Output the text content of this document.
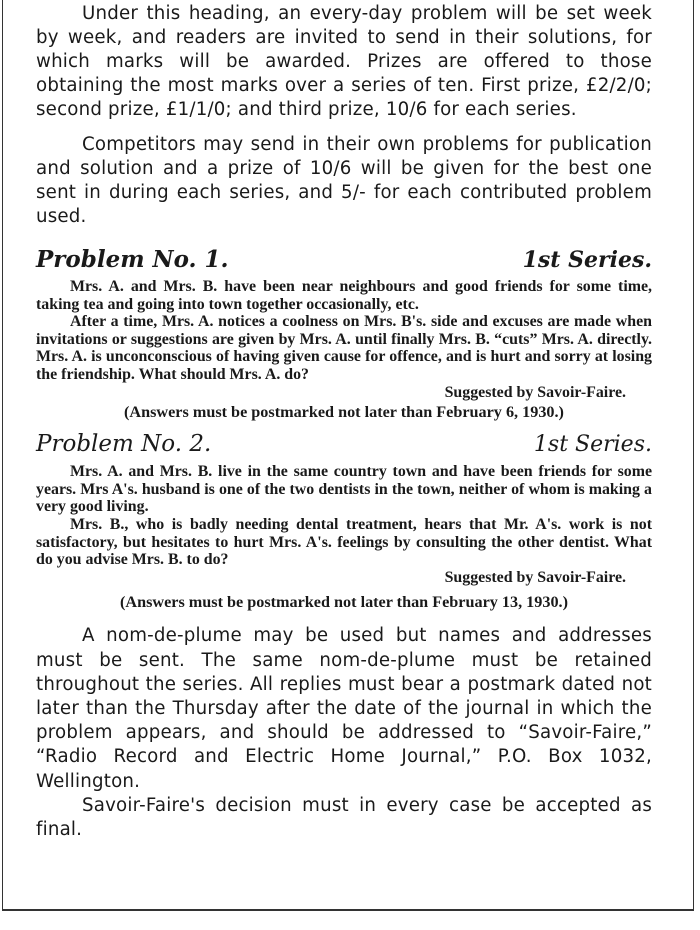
Under this heading, an every-day problem will be set week by week, and readers are invited to send in their solutions, for which marks will be awarded. Prizes are offered to those obtaining the most marks over a series of ten. First prize, £2/2/0; second prize, £1/1/0; and third prize, 10/6 for each series.

Competitors may send in their own problems for publication and solution and a prize of 10/6 will be given for the best one sent in during each series, and 5/- for each contributed problem used.

Problem No. 1.	1st Series.

Mrs. A. and Mrs. B. have been near neighbours and good friends for some time, taking tea and going into town together occasionally, etc.

After a time, Mrs. A. notices a coolness on Mrs. B's. side and excuses are made when invitations or suggestions are given by Mrs. A. until finally Mrs. B. “cuts” Mrs. A. directly. Mrs. A. is unconconscious of having given cause for offence, and is hurt and sorry at losing the friendship. What should Mrs. A. do?

Suggested by Savoir-Faire.

(Answers must be postmarked not later than February 6, 1930.)

Problem No. 2.	1st Series.

Mrs. A. and Mrs. B. live in the same country town and have been friends for some years. Mrs A's. husband is one of the two dentists in the town, neither of whom is making a very good living.

Mrs. B., who is badly needing dental treatment, hears that Mr. A's. work is not satisfactory, but hesitates to hurt Mrs. A's. feelings by consulting the other dentist. What do you advise Mrs. B. to do?

Suggested by Savoir-Faire.

(Answers must be postmarked not later than February 13, 1930.)

A nom-de-plume may be used but names and addresses must be sent. The same nom-de-plume must be retained throughout the series. All replies must bear a postmark dated not later than the Thursday after the date of the journal in which the problem appears, and should be addressed to “Savoir-Faire,” “Radio Record and Electric Home Journal,” P.O. Box 1032, Wellington.

Savoir-Faire's decision must in every case be accepted as final.
